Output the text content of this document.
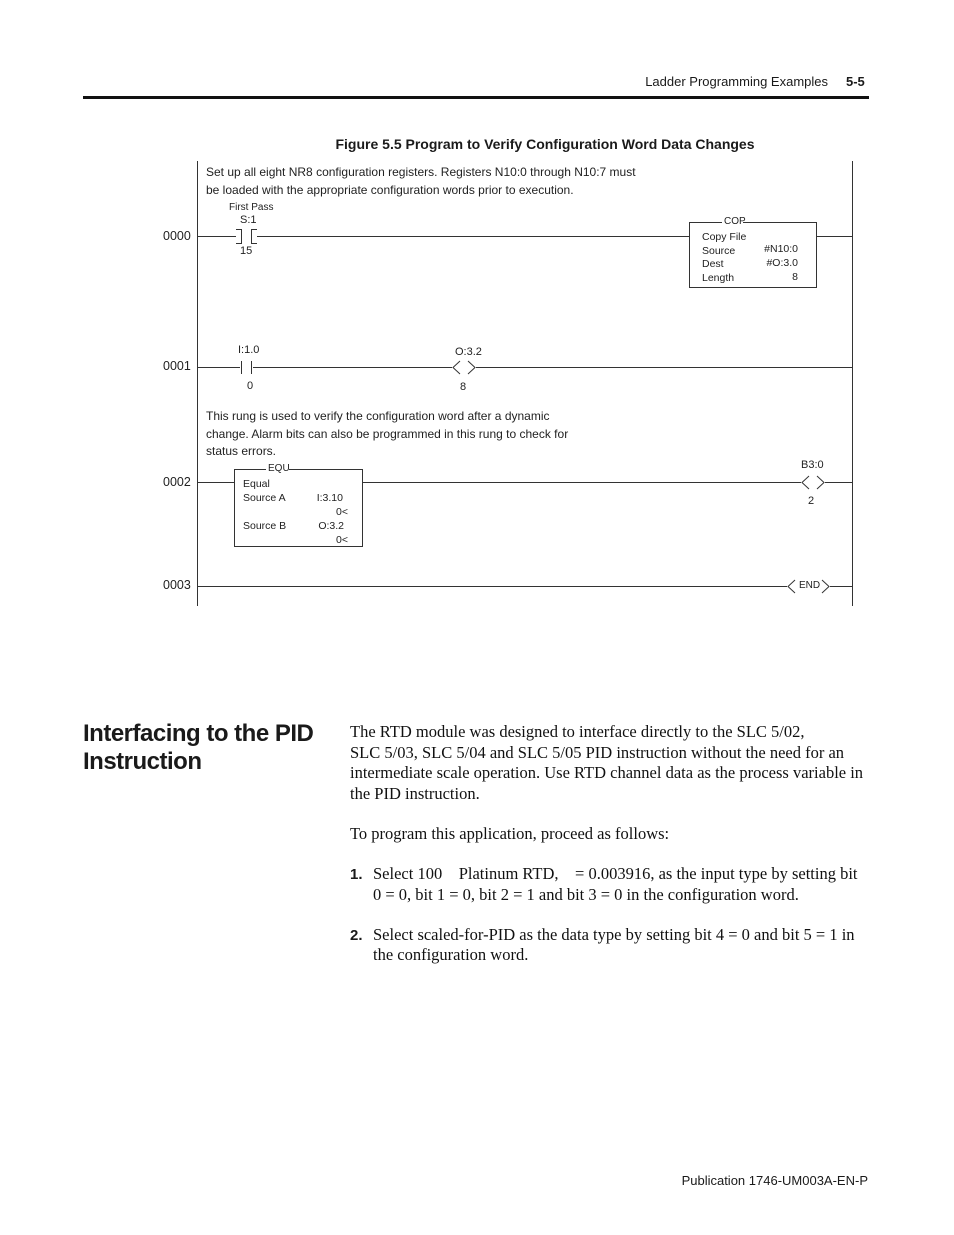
Ladder Programming Examples 5-5
Figure 5.5 Program to Verify Configuration Word Data Changes
0000
0001
0002
0003
Set up all eight NR8 configuration registers. Registers N10:0 through N10:7 must
be loaded with the appropriate configuration words prior to execution.
First Pass
S:1
15
COP
Copy File
Source	#N10:0
Dest	#O:3.0
Length	8
I:1.0
0
O:3.2
8
This rung is used to verify the configuration word after a dynamic
change. Alarm bits can also be programmed in this rung to check for
status errors.
EQU
Equal
Source A	I:3.10
0<
Source B	O:3.2
0<
B3:0
2
END
Interfacing to the PID
Instruction
The RTD module was designed to interface directly to the SLC 5/02,
SLC 5/03, SLC 5/04 and SLC 5/05 PID instruction without the need for an
intermediate scale operation. Use RTD channel data as the process variable in
the PID instruction.
To program this application, proceed as follows:
1. Select 100    Platinum RTD,    = 0.003916, as the input type by setting bit
0 = 0, bit 1 = 0, bit 2 = 1 and bit 3 = 0 in the configuration word.
2. Select scaled-for-PID as the data type by setting bit 4 = 0 and bit 5 = 1 in
the configuration word.
Publication 1746-UM003A-EN-P
